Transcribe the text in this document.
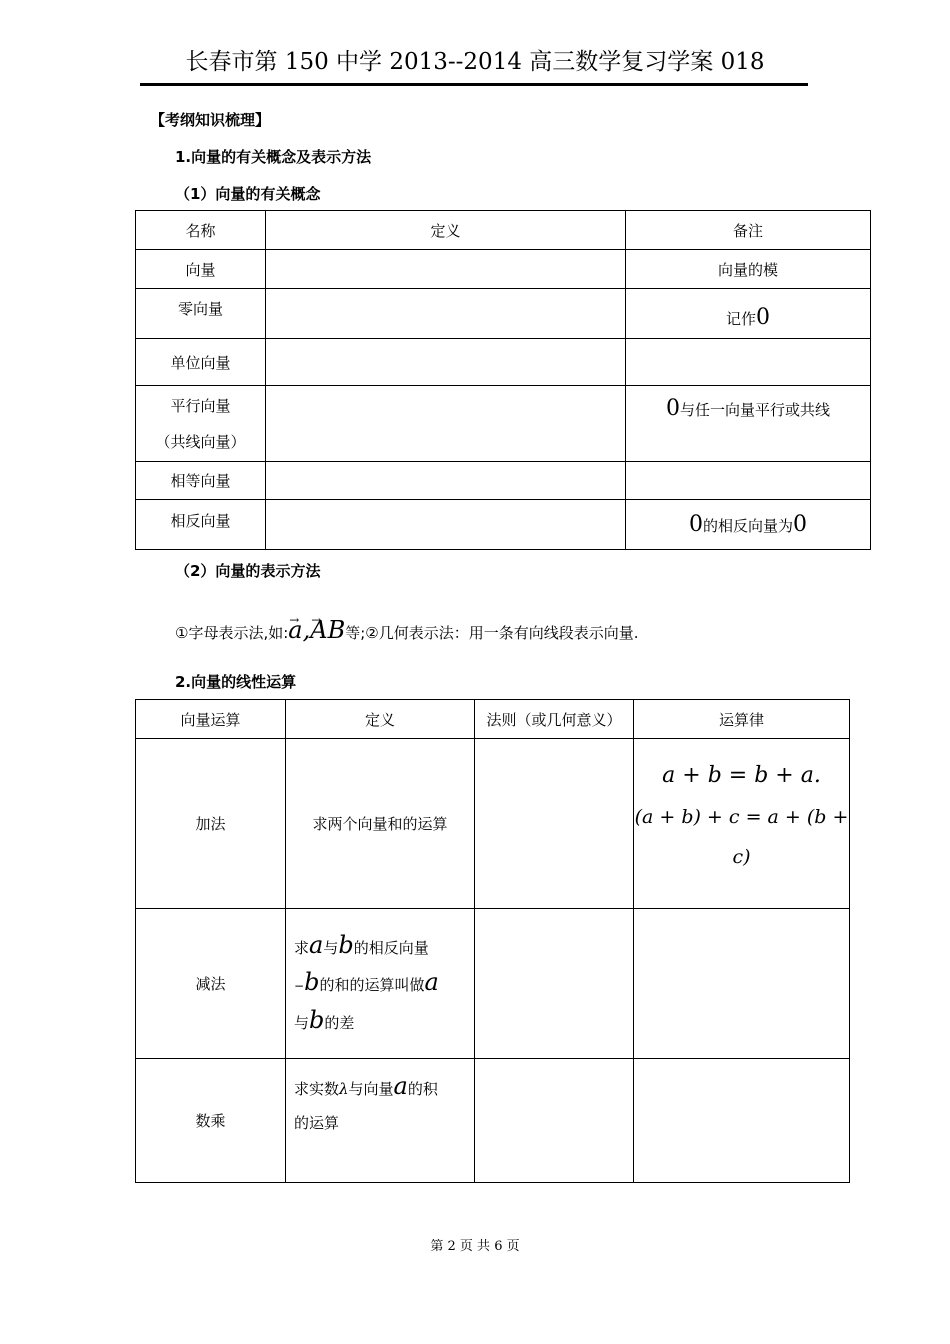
长春市第 150 中学 2013--2014 高三数学复习学案 018
【考纲知识梳理】
1.向量的有关概念及表示方法
（1）向量的有关概念
名称	定义	备注
向量		向量的模
零向量		记作0
单位向量		

平行向量
（共线向量）		0与任一向量平行或共线
相等向量		
相反向量		0的相反向量为0
（2）向量的表示方法
①字母表示法,如:→ a,→ AB等;②几何表示法：用一条有向线段表示向量.
2.向量的线性运算
向量运算	定义	法则（或几何意义）	运算律
加法	求两个向量和的运算		a + b = b + a.
(a + b) + c = a + (b + c)

减法	求a与b的相反向量
−b的和的运算叫做a
与b的差		

数乘	求实数λ与向量a的积
的运算		

第 2 页 共 6 页
